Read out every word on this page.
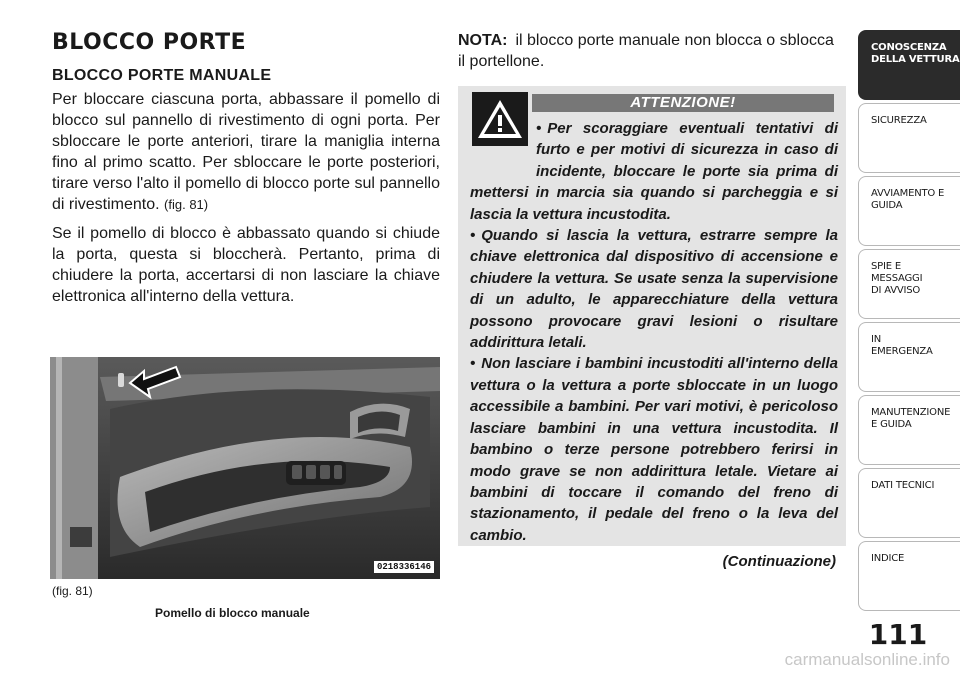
BLOCCO PORTE
BLOCCO PORTE MANUALE

Per bloccare ciascuna porta, abbassare il pomello di blocco sul pannello di rivestimento di ogni porta. Per sbloccare le porte anteriori, tirare la maniglia interna fino al primo scatto. Per sbloccare le porte posteriori, tirare verso l'alto il pomello di blocco porte sul pannello di rivestimento. (fig. 81)

Se il pomello di blocco è abbassato quando si chiude la porta, questa si bloccherà. Pertanto, prima di chiudere la porta, accertarsi di non lasciare la chiave elettronica all'interno della vettura.

0218336146
(fig. 81)
Pomello di blocco manuale
NOTA: il blocco porte manuale non blocca o sblocca il portellone.
ATTENZIONE!

• Per scoraggiare eventuali tentativi di furto e per motivi di sicurezza in caso di incidente, bloccare le porte sia prima di mettersi in marcia sia quando si parcheggia e si lascia la vettura incustodita.

• Quando si lascia la vettura, estrarre sempre la chiave elettronica dal dispositivo di accensione e chiudere la vettura. Se usate senza la supervisione di un adulto, le apparecchiature della vettura possono provocare gravi lesioni o risultare addirittura letali.

• Non lasciare i bambini incustoditi all'interno della vettura o la vettura a porte sbloccate in un luogo accessibile a bambini. Per vari motivi, è pericoloso lasciare bambini in una vettura incustodita. Il bambino o terze persone potrebbero ferirsi in modo grave se non addirittura letale. Vietare ai bambini di toccare il comando del freno di stazionamento, il pedale del freno o la leva del cambio.

(Continuazione)
CONOSCENZA
DELLA VETTURA
SICUREZZA
AVVIAMENTO E
GUIDA
SPIE E
MESSAGGI
DI AVVISO
IN
EMERGENZA
MANUTENZIONE
E GUIDA
DATI TECNICI
INDICE
111
carmanualsonline.info
